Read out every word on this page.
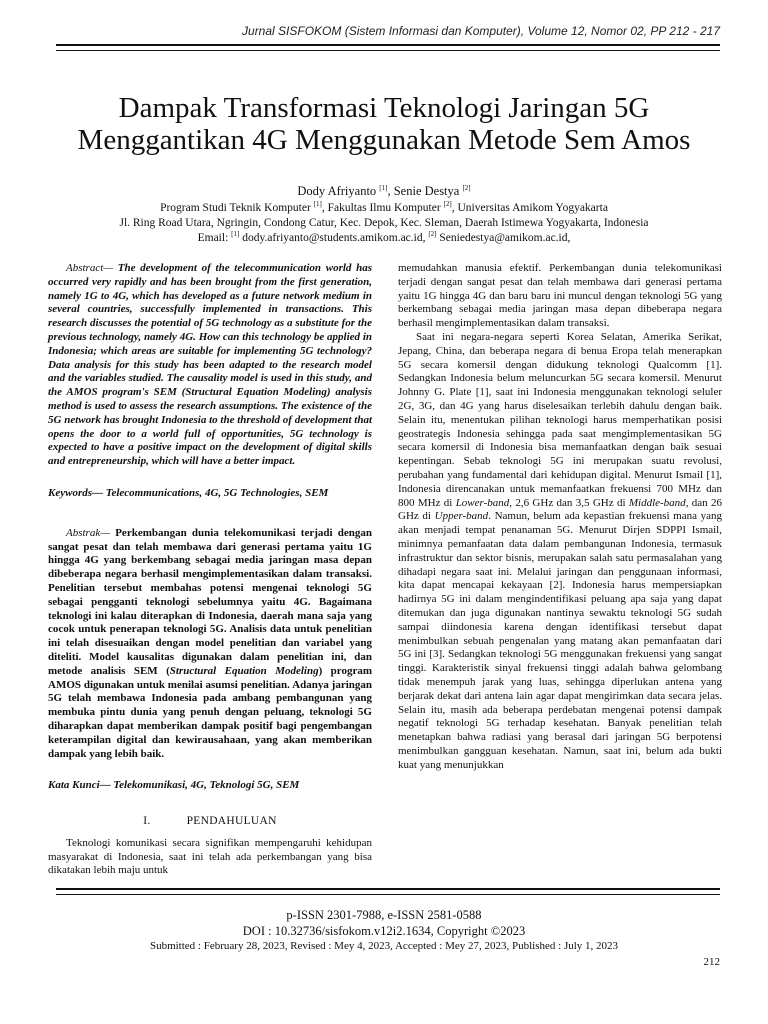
Jurnal SISFOKOM (Sistem Informasi dan Komputer), Volume 12, Nomor 02, PP 212 - 217
Dampak Transformasi Teknologi Jaringan 5G
Menggantikan 4G Menggunakan Metode Sem Amos
Dody Afriyanto [1], Senie Destya [2]
Program Studi Teknik Komputer [1], Fakultas Ilmu Komputer [2], Universitas Amikom Yogyakarta
Jl. Ring Road Utara, Ngringin, Condong Catur, Kec. Depok, Kec. Sleman, Daerah Istimewa Yogyakarta, Indonesia
Email: [1] dody.afriyanto@students.amikom.ac.id, [2] Seniedestya@amikom.ac.id,
Abstract— The development of the telecommunication world has occurred very rapidly and has been brought from the first generation, namely 1G to 4G, which has developed as a future network medium in several countries, successfully implemented in transactions. This research discusses the potential of 5G technology as a substitute for the previous technology, namely 4G. How can this technology be applied in Indonesia; which areas are suitable for implementing 5G technology? Data analysis for this study has been adapted to the research model and the variables studied. The causality model is used in this study, and the AMOS program's SEM (Structural Equation Modeling) analysis method is used to assess the research assumptions. The existence of the 5G network has brought Indonesia to the threshold of development that opens the door to a world full of opportunities, 5G technology is expected to have a positive impact on the development of digital skills and entrepreneurship, which will have a better impact.
Keywords— Telecommunications, 4G, 5G Technologies, SEM
Abstrak— Perkembangan dunia telekomunikasi terjadi dengan sangat pesat dan telah membawa dari generasi pertama yaitu 1G hingga 4G yang berkembang sebagai media jaringan masa depan dibeberapa negara berhasil mengimplementasikan dalam transaksi. Penelitian tersebut membahas potensi mengenai teknologi 5G sebagai pengganti teknologi sebelumnya yaitu 4G. Bagaimana teknologi ini kalau diterapkan di Indonesia, daerah mana saja yang cocok untuk penerapan teknologi 5G. Analisis data untuk penelitian ini telah disesuaikan dengan model penelitian dan variabel yang diteliti. Model kausalitas digunakan dalam penelitian ini, dan metode analisis SEM (Structural Equation Modeling) program AMOS digunakan untuk menilai asumsi penelitian. Adanya jaringan 5G telah membawa Indonesia pada ambang pembangunan yang membuka pintu dunia yang penuh dengan peluang, teknologi 5G diharapkan dapat memberikan dampak positif bagi pengembangan keterampilan digital dan kewirausahaan, yang akan memberikan dampak yang lebih baik.
Kata Kunci— Telekomunikasi, 4G, Teknologi 5G, SEM
I.	PENDAHULUAN
Teknologi komunikasi secara signifikan mempengaruhi kehidupan masyarakat di Indonesia, saat ini telah ada perkembangan yang bisa dikatakan lebih maju untuk

memudahkan manusia efektif. Perkembangan dunia telekomunikasi terjadi dengan sangat pesat dan telah membawa dari generasi pertama yaitu 1G hingga 4G dan baru baru ini muncul dengan teknologi 5G yang berkembang sebagai media jaringan masa depan dibeberapa negara berhasil mengimplementasikan dalam transaksi.

Saat ini negara-negara seperti Korea Selatan, Amerika Serikat, Jepang, China, dan beberapa negara di benua Eropa telah menerapkan 5G secara komersil dengan didukung teknologi Qualcomm [1]. Sedangkan Indonesia belum meluncurkan 5G secara komersil. Menurut Johnny G. Plate [1], saat ini Indonesia menggunakan teknologi seluler 2G, 3G, dan 4G yang harus diselesaikan terlebih dahulu dengan baik. Selain itu, menentukan pilihan teknologi harus memperhatikan posisi geostrategis Indonesia sehingga pada saat mengimplementasikan 5G secara komersil di Indonesia bisa memanfaatkan dengan baik sesuai kepentingan. Sebab teknologi 5G ini merupakan suatu revolusi, perubahan yang fundamental dari kehidupan digital. Menurut Ismail [1], Indonesia direncanakan untuk memanfaatkan frekuensi 700 MHz dan 800 MHz di Lower-band, 2,6 GHz dan 3,5 GHz di Middle-band, dan 26 GHz di Upper-band. Namun, belum ada kepastian frekuensi mana yang akan menjadi tempat penanaman 5G. Menurut Dirjen SDPPI Ismail, minimnya pemanfaatan data dalam pembangunan Indonesia, termasuk infrastruktur dan sektor bisnis, merupakan salah satu permasalahan yang dihadapi negara saat ini. Melalui jaringan dan penggunaan informasi, kita dapat mencapai kekayaan [2]. Indonesia harus mempersiapkan hadirnya 5G ini dalam mengindentifikasi peluang apa saja yang dapat ditemukan dan juga digunakan nantinya sewaktu teknologi 5G sudah sampai diindonesia karena dengan identifikasi tersebut dapat menimbulkan sebuah pengenalan yang matang akan pemanfaatan dari 5G ini [3]. Sedangkan teknologi 5G menggunakan frekuensi yang sangat tinggi. Karakteristik sinyal frekuensi tinggi adalah bahwa gelombang tidak menempuh jarak yang luas, sehingga diperlukan antena yang berjarak dekat dari antena lain agar dapat mengirimkan data secara jelas. Selain itu, masih ada beberapa perdebatan mengenai potensi dampak negatif teknologi 5G terhadap kesehatan. Banyak penelitian telah menetapkan bahwa radiasi yang berasal dari jaringan 5G berpotensi menimbulkan gangguan kesehatan. Namun, saat ini, belum ada bukti kuat yang menunjukkan

p-ISSN 2301-7988, e-ISSN 2581-0588
DOI : 10.32736/sisfokom.v12i2.1634, Copyright ©2023
Submitted : February 28, 2023, Revised : Mey 4, 2023, Accepted : Mey 27, 2023, Published : July 1, 2023
212
